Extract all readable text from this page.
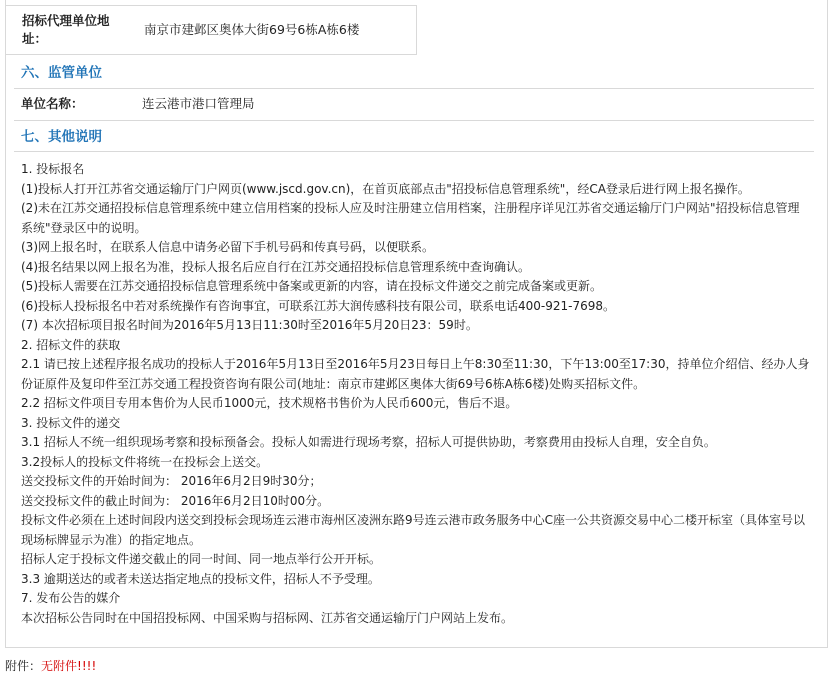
招标代理单位地址：
南京市建邺区奥体大街69号6栋A栋6楼
六、监管单位
单位名称：	连云港市港口管理局
七、其他说明

1. 投标报名

(1)投标人打开江苏省交通运输厅门户网页(www.jscd.gov.cn)，在首页底部点击"招投标信息管理系统"，经CA登录后进行网上报名操作。

(2)未在江苏交通招投标信息管理系统中建立信用档案的投标人应及时注册建立信用档案，注册程序详见江苏省交通运输厅门户网站"招投标信息管理系统"登录区中的说明。

(3)网上报名时，在联系人信息中请务必留下手机号码和传真号码，以便联系。

(4)报名结果以网上报名为准，投标人报名后应自行在江苏交通招投标信息管理系统中查询确认。

(5)投标人需要在江苏交通招投标信息管理系统中备案或更新的内容，请在投标文件递交之前完成备案或更新。

(6)投标人投标报名中若对系统操作有咨询事宜，可联系江苏大润传感科技有限公司，联系电话400-921-7698。

(7) 本次招标项目报名时间为2016年5月13日11:30时至2016年5月20日23：59时。

2. 招标文件的获取

2.1 请已按上述程序报名成功的投标人于2016年5月13日至2016年5月23日每日上午8:30至11:30，下午13:00至17:30，持单位介绍信、经办人身份证原件及复印件至江苏交通工程投资咨询有限公司(地址：南京市建邺区奥体大街69号6栋A栋6楼)处购买招标文件。

2.2 招标文件项目专用本售价为人民币1000元，技术规格书售价为人民币600元，售后不退。

3. 投标文件的递交

3.1 招标人不统一组织现场考察和投标预备会。投标人如需进行现场考察，招标人可提供协助，考察费用由投标人自理，安全自负。

3.2投标人的投标文件将统一在投标会上送交。

送交投标文件的开始时间为： 2016年6月2日9时30分；

送交投标文件的截止时间为： 2016年6月2日10时00分。

投标文件必须在上述时间段内送交到投标会现场连云港市海州区凌洲东路9号连云港市政务服务中心C座一公共资源交易中心二楼开标室（具体室号以现场标牌显示为准）的指定地点。

招标人定于投标文件递交截止的同一时间、同一地点举行公开开标。

3.3 逾期送达的或者未送达指定地点的投标文件，招标人不予受理。

7. 发布公告的媒介

本次招标公告同时在中国招投标网、中国采购与招标网、江苏省交通运输厅门户网站上发布。

附件：无附件!!!!
